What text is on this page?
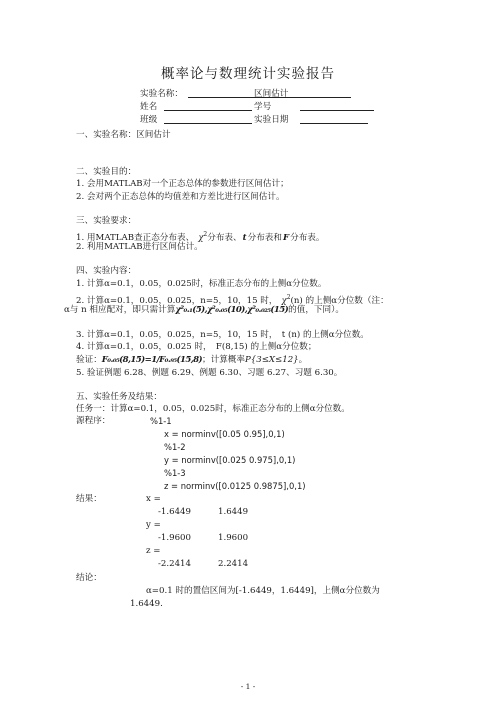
概率论与数理统计实验报告
实验名称：	区间估计
姓名	学号
班级	实验日期
一、实验名称：区间估计
二、实验目的：
1. 会用MATLAB对一个正态总体的参数进行区间估计；
2. 会对两个正态总体的均值差和方差比进行区间估计。
三、实验要求：
1. 用MATLAB查正态分布表、 $\chi^2$分布表、t分布表和F分布表。
2. 利用MATLAB进行区间估计。
四、实验内容：
1. 计算α=0.1，0.05，0.025时，标准正态分布的上侧α分位数。
2. 计算α=0.1，0.05，0.025，n=5，10，15 时， $\chi^2(n)$ 的上侧α分位数（注：
α与 n 相应配对，即只需计算χ²₀.₁(5),χ²₀.₀₅(10),χ²₀.₀₂₅(15)的值，下同）。
3. 计算α=0.1，0.05，0.025，n=5，10，15 时，　t (n) 的上侧α分位数。
4. 计算α=0.1，0.05，0.025 时，　F(8,15) 的上侧α分位数；
验证：F₀.₀₅(8,15)=1/F₀.₉₅(15,8)；计算概率P{3≤X≤12}。
5. 验证例题 6.28、例题 6.29、例题 6.30、习题 6.27、习题 6.30。
五、实验任务及结果：
任务一：计算α=0.1，0.05，0.025时，标准正态分布的上侧α分位数。
源程序：	%1-1
x = norminv([0.05 0.95],0,1)
%1-2
y = norminv([0.025 0.975],0,1)
%1-3
z = norminv([0.0125 0.9875],0,1)
结果：	x =
-1.6449	1.6449
y =
-1.9600	1.9600
z =
-2.2414	2.2414
结论：
α=0.1 时的置信区间为[-1.6449，1.6449]，上侧α分位数为
1.6449.
- 1 -
